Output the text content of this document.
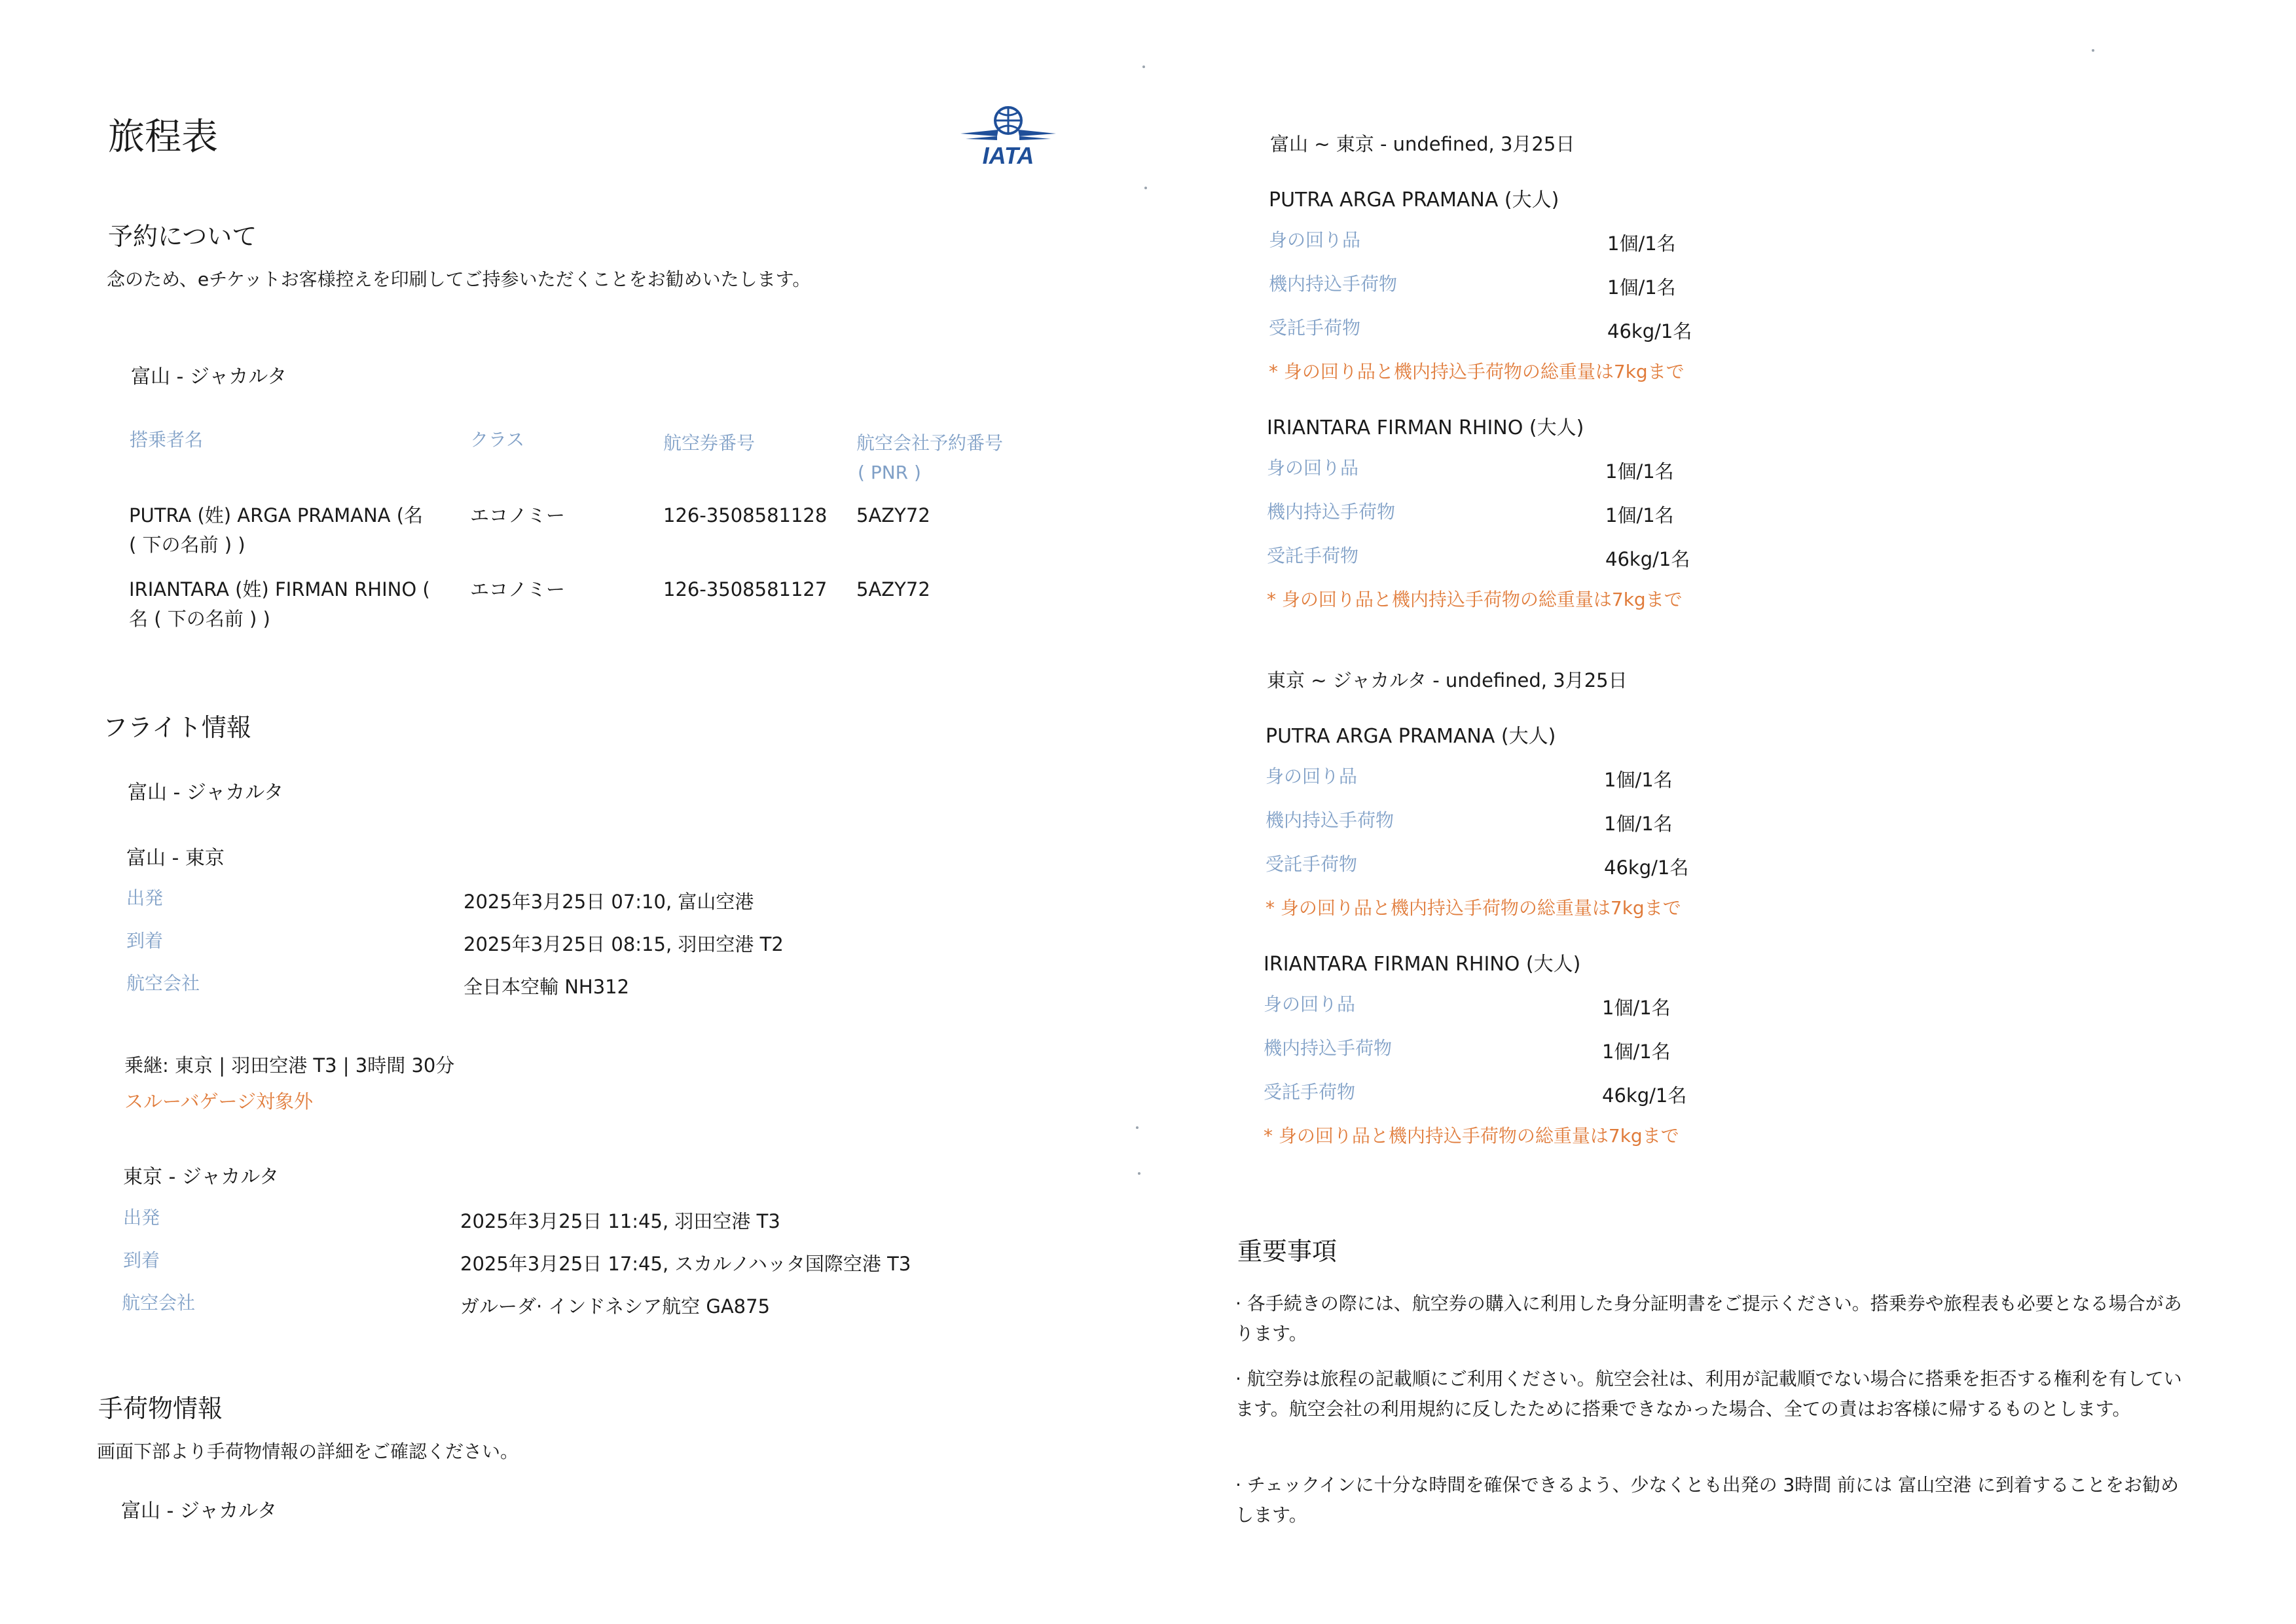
旅程表	IATA
予約について
念のため、eチケットお客様控えを印刷してご持参いただくことをお勧めいたします。
富山 - ジャカルタ
搭乗者名	クラス	航空券番号	航空会社予約番号
( PNR )
PUTRA (姓) ARGA PRAMANA (名
( 下の名前 ) )
エコノミー	126-3508581128 5AZY72
IRIANTARA (姓) FIRMAN RHINO (
名 ( 下の名前 ) )
エコノミー	126-3508581127 5AZY72
フライト情報
富山 - ジャカルタ
富山 - 東京
出発	2025年3月25日 07:10, 富山空港
到着	2025年3月25日 08:15, 羽田空港 T2
航空会社	全日本空輸 NH312
乗継: 東京 | 羽田空港 T3 | 3時間 30分
スルーバゲージ対象外
東京 - ジャカルタ
出発	2025年3月25日 11:45, 羽田空港 T3
到着	2025年3月25日 17:45, スカルノハッタ国際空港 T3
航空会社	ガルーダ· インドネシア航空 GA875
手荷物情報
画面下部より手荷物情報の詳細をご確認ください。
富山 - ジャカルタ
富山 ~ 東京 - undefined, 3月25日
PUTRA ARGA PRAMANA (大人)
身の回り品	1個/1名
機内持込手荷物	1個/1名
受託手荷物	46kg/1名
* 身の回り品と機内持込手荷物の総重量は7kgまで
IRIANTARA FIRMAN RHINO (大人)
身の回り品	1個/1名
機内持込手荷物	1個/1名
受託手荷物	46kg/1名
* 身の回り品と機内持込手荷物の総重量は7kgまで
東京 ~ ジャカルタ - undefined, 3月25日
PUTRA ARGA PRAMANA (大人)
身の回り品	1個/1名
機内持込手荷物	1個/1名
受託手荷物	46kg/1名
* 身の回り品と機内持込手荷物の総重量は7kgまで
IRIANTARA FIRMAN RHINO (大人)
身の回り品	1個/1名
機内持込手荷物	1個/1名
受託手荷物	46kg/1名
* 身の回り品と機内持込手荷物の総重量は7kgまで
重要事項
· 各手続きの際には、航空券の購入に利用した身分証明書をご提示ください。搭乗券や旅程表も必要となる場合があります。
· 航空券は旅程の記載順にご利用ください。航空会社は、利用が記載順でない場合に搭乗を拒否する権利を有しています。航空会社の利用規約に反したために搭乗できなかった場合、全ての責はお客様に帰するものとします。
· チェックインに十分な時間を確保できるよう、少なくとも出発の 3時間 前には 富山空港 に到着することをお勧めします。
